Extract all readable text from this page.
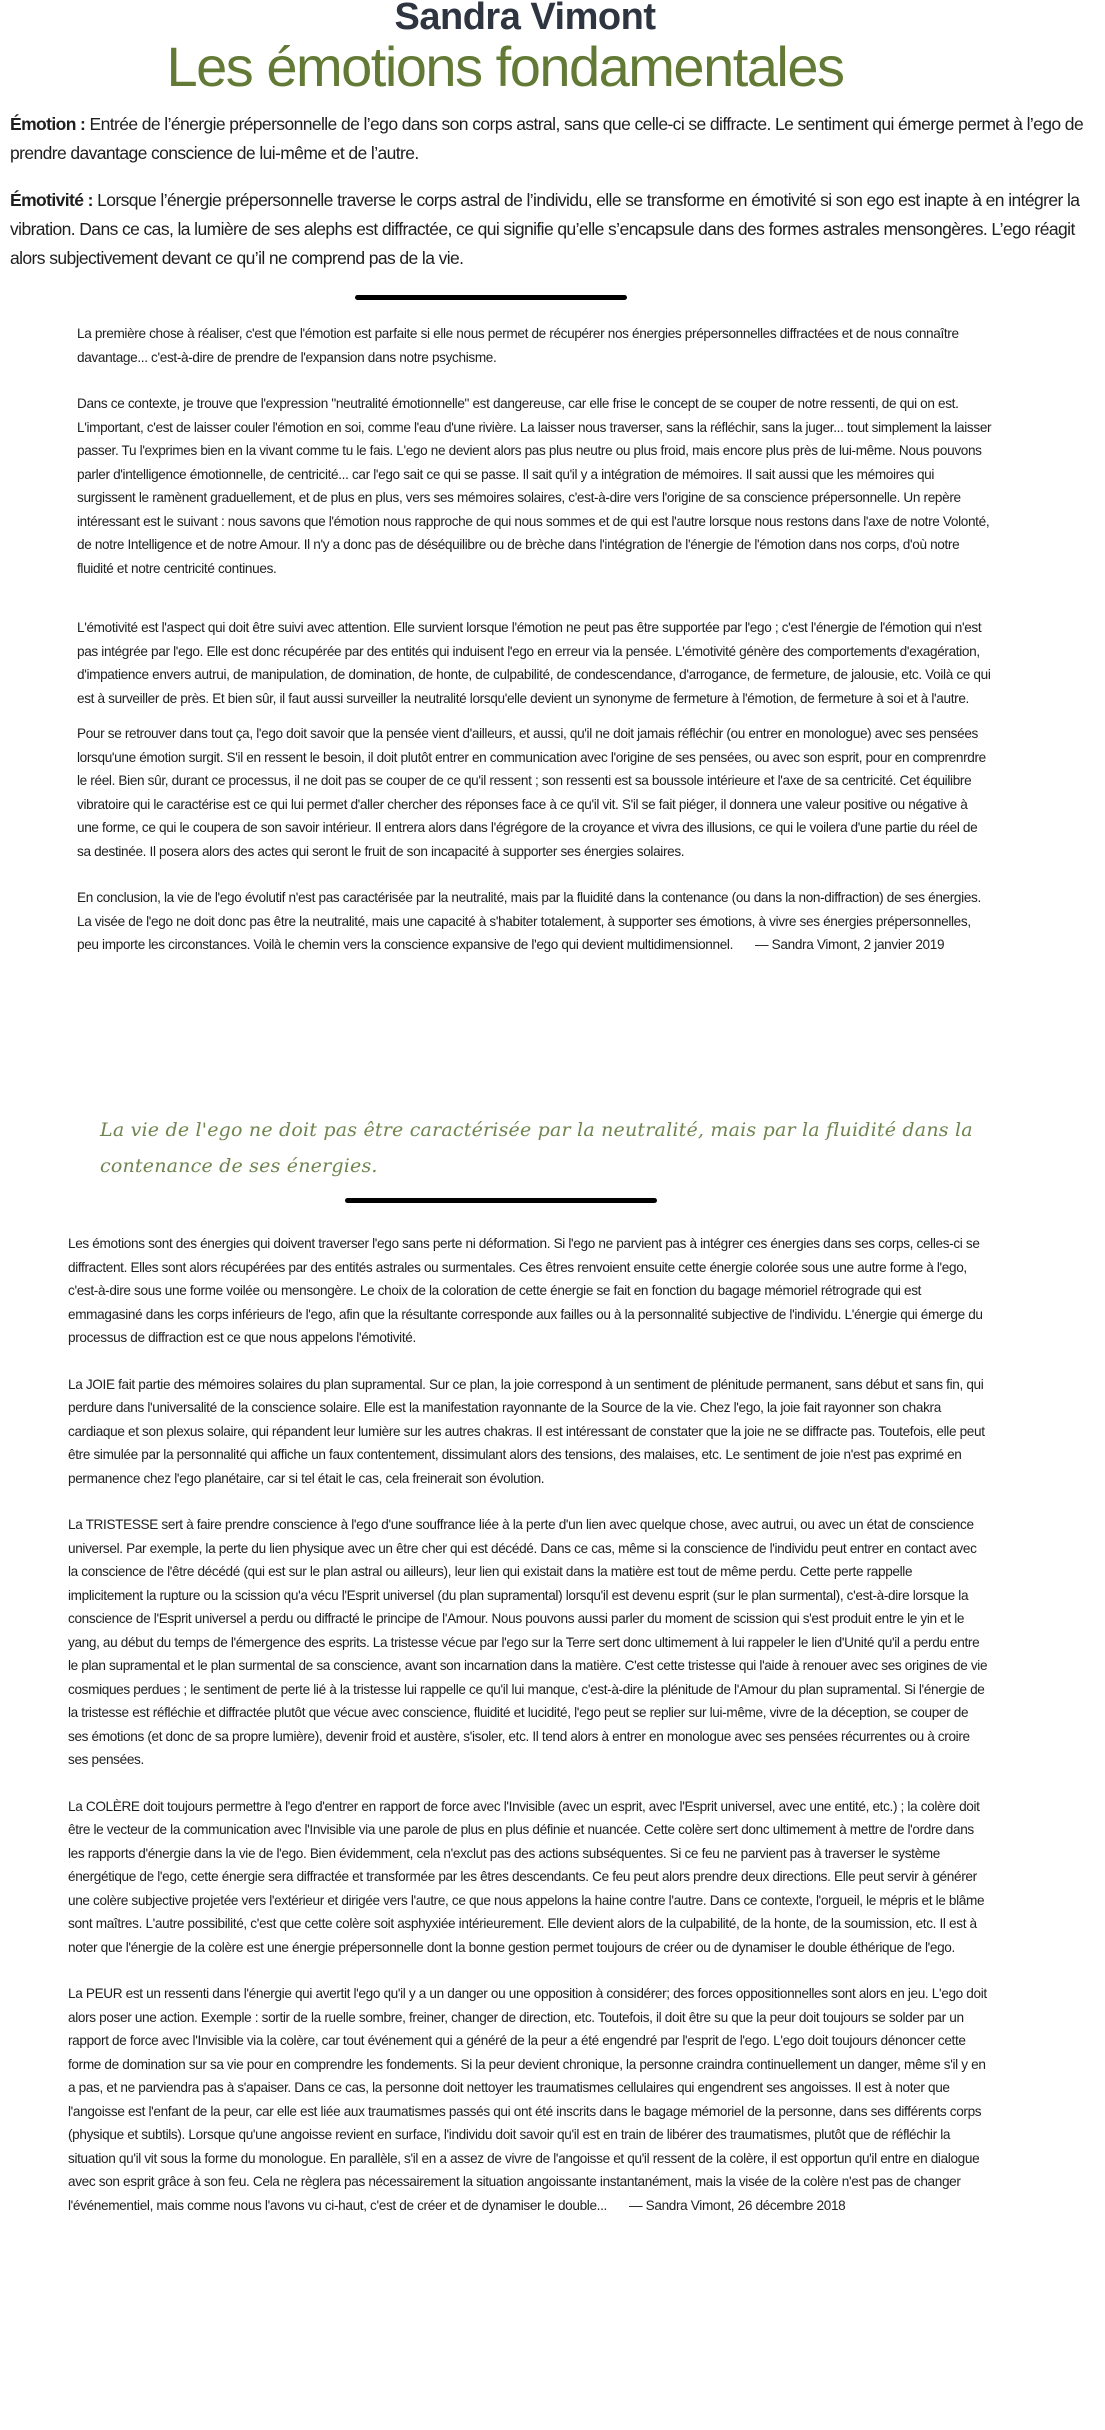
Sandra Vimont
Les émotions fondamentales

Émotion : Entrée de l’énergie prépersonnelle de l’ego dans son corps astral, sans que celle-ci se diffracte. Le sentiment qui émerge permet à l’ego de prendre davantage conscience de lui-même et de l’autre.

Émotivité : Lorsque l’énergie prépersonnelle traverse le corps astral de l’individu, elle se transforme en émotivité si son ego est inapte à en intégrer la vibration. Dans ce cas, la lumière de ses alephs est diffractée, ce qui signifie qu’elle s’encapsule dans des formes astrales mensongères. L’ego réagit alors subjectivement devant ce qu’il ne comprend pas de la vie.

La première chose à réaliser, c'est que l'émotion est parfaite si elle nous permet de récupérer nos énergies prépersonnelles diffractées et de nous connaître davantage... c'est-à-dire de prendre de l'expansion dans notre psychisme.

Dans ce contexte, je trouve que l'expression "neutralité émotionnelle" est dangereuse, car elle frise le concept de se couper de notre ressenti, de qui on est. L'important, c'est de laisser couler l'émotion en soi, comme l'eau d'une rivière. La laisser nous traverser, sans la réfléchir, sans la juger... tout simplement la laisser passer. Tu l'exprimes bien en la vivant comme tu le fais. L'ego ne devient alors pas plus neutre ou plus froid, mais encore plus près de lui-même. Nous pouvons parler d'intelligence émotionnelle, de centricité... car l'ego sait ce qui se passe. Il sait qu'il y a intégration de mémoires. Il sait aussi que les mémoires qui surgissent le ramènent graduellement, et de plus en plus, vers ses mémoires solaires, c'est-à-dire vers l'origine de sa conscience prépersonnelle. Un repère intéressant est le suivant : nous savons que l'émotion nous rapproche de qui nous sommes et de qui est l'autre lorsque nous restons dans l'axe de notre Volonté, de notre Intelligence et de notre Amour. Il n'y a donc pas de déséquilibre ou de brèche dans l'intégration de l'énergie de l'émotion dans nos corps, d'où notre fluidité et notre centricité continues.

L'émotivité est l'aspect qui doit être suivi avec attention. Elle survient lorsque l'émotion ne peut pas être supportée par l'ego ; c'est l'énergie de l'émotion qui n'est pas intégrée par l'ego. Elle est donc récupérée par des entités qui induisent l'ego en erreur via la pensée. L'émotivité génère des comportements d'exagération, d'impatience envers autrui, de manipulation, de domination, de honte, de culpabilité, de condescendance, d'arrogance, de fermeture, de jalousie, etc. Voilà ce qui est à surveiller de près. Et bien sûr, il faut aussi surveiller la neutralité lorsqu'elle devient un synonyme de fermeture à l'émotion, de fermeture à soi et à l'autre.

Pour se retrouver dans tout ça, l'ego doit savoir que la pensée vient d'ailleurs, et aussi, qu'il ne doit jamais réfléchir (ou entrer en monologue) avec ses pensées lorsqu'une émotion surgit. S'il en ressent le besoin, il doit plutôt entrer en communication avec l'origine de ses pensées, ou avec son esprit, pour en comprenrdre le réel. Bien sûr, durant ce processus, il ne doit pas se couper de ce qu'il ressent ; son ressenti est sa boussole intérieure et l'axe de sa centricité. Cet équilibre vibratoire qui le caractérise est ce qui lui permet d'aller chercher des réponses face à ce qu'il vit. S'il se fait piéger, il donnera une valeur positive ou négative à une forme, ce qui le coupera de son savoir intérieur. Il entrera alors dans l'égrégore de la croyance et vivra des illusions, ce qui le voilera d'une partie du réel de sa destinée. Il posera alors des actes qui seront le fruit de son incapacité à supporter ses énergies solaires.

En conclusion, la vie de l'ego évolutif n'est pas caractérisée par la neutralité, mais par la fluidité dans la contenance (ou dans la non-diffraction) de ses énergies. La visée de l'ego ne doit donc pas être la neutralité, mais une capacité à s'habiter totalement, à supporter ses émotions, à vivre ses énergies prépersonnelles, peu importe les circonstances. Voilà le chemin vers la conscience expansive de l'ego qui devient multidimensionnel. — Sandra Vimont, 2 janvier 2019

La vie de l'ego ne doit pas être caractérisée par la neutralité, mais par la fluidité dans la contenance de ses énergies.

Les émotions sont des énergies qui doivent traverser l'ego sans perte ni déformation. Si l'ego ne parvient pas à intégrer ces énergies dans ses corps, celles-ci se diffractent. Elles sont alors récupérées par des entités astrales ou surmentales. Ces êtres renvoient ensuite cette énergie colorée sous une autre forme à l'ego, c'est-à-dire sous une forme voilée ou mensongère. Le choix de la coloration de cette énergie se fait en fonction du bagage mémoriel rétrograde qui est emmagasiné dans les corps inférieurs de l'ego, afin que la résultante corresponde aux failles ou à la personnalité subjective de l'individu. L'énergie qui émerge du processus de diffraction est ce que nous appelons l'émotivité.

La JOIE fait partie des mémoires solaires du plan supramental. Sur ce plan, la joie correspond à un sentiment de plénitude permanent, sans début et sans fin, qui perdure dans l'universalité de la conscience solaire. Elle est la manifestation rayonnante de la Source de la vie. Chez l'ego, la joie fait rayonner son chakra cardiaque et son plexus solaire, qui répandent leur lumière sur les autres chakras. Il est intéressant de constater que la joie ne se diffracte pas. Toutefois, elle peut être simulée par la personnalité qui affiche un faux contentement, dissimulant alors des tensions, des malaises, etc. Le sentiment de joie n'est pas exprimé en permanence chez l'ego planétaire, car si tel était le cas, cela freinerait son évolution.

La TRISTESSE sert à faire prendre conscience à l'ego d'une souffrance liée à la perte d'un lien avec quelque chose, avec autrui, ou avec un état de conscience universel. Par exemple, la perte du lien physique avec un être cher qui est décédé. Dans ce cas, même si la conscience de l'individu peut entrer en contact avec la conscience de l'être décédé (qui est sur le plan astral ou ailleurs), leur lien qui existait dans la matière est tout de même perdu. Cette perte rappelle implicitement la rupture ou la scission qu'a vécu l'Esprit universel (du plan supramental) lorsqu'il est devenu esprit (sur le plan surmental), c'est-à-dire lorsque la conscience de l'Esprit universel a perdu ou diffracté le principe de l'Amour. Nous pouvons aussi parler du moment de scission qui s'est produit entre le yin et le yang, au début du temps de l'émergence des esprits. La tristesse vécue par l'ego sur la Terre sert donc ultimement à lui rappeler le lien d'Unité qu'il a perdu entre le plan supramental et le plan surmental de sa conscience, avant son incarnation dans la matière. C'est cette tristesse qui l'aide à renouer avec ses origines de vie cosmiques perdues ; le sentiment de perte lié à la tristesse lui rappelle ce qu'il lui manque, c'est-à-dire la plénitude de l'Amour du plan supramental. Si l'énergie de la tristesse est réfléchie et diffractée plutôt que vécue avec conscience, fluidité et lucidité, l'ego peut se replier sur lui-même, vivre de la déception, se couper de ses émotions (et donc de sa propre lumière), devenir froid et austère, s'isoler, etc. Il tend alors à entrer en monologue avec ses pensées récurrentes ou à croire ses pensées.

La COLÈRE doit toujours permettre à l'ego d'entrer en rapport de force avec l'Invisible (avec un esprit, avec l'Esprit universel, avec une entité, etc.) ; la colère doit être le vecteur de la communication avec l'Invisible via une parole de plus en plus définie et nuancée. Cette colère sert donc ultimement à mettre de l'ordre dans les rapports d'énergie dans la vie de l'ego. Bien évidemment, cela n'exclut pas des actions subséquentes. Si ce feu ne parvient pas à traverser le système énergétique de l'ego, cette énergie sera diffractée et transformée par les êtres descendants. Ce feu peut alors prendre deux directions. Elle peut servir à générer une colère subjective projetée vers l'extérieur et dirigée vers l'autre, ce que nous appelons la haine contre l'autre. Dans ce contexte, l'orgueil, le mépris et le blâme sont maîtres. L'autre possibilité, c'est que cette colère soit asphyxiée intérieurement. Elle devient alors de la culpabilité, de la honte, de la soumission, etc. Il est à noter que l'énergie de la colère est une énergie prépersonnelle dont la bonne gestion permet toujours de créer ou de dynamiser le double éthérique de l'ego.

La PEUR est un ressenti dans l'énergie qui avertit l'ego qu'il y a un danger ou une opposition à considérer; des forces oppositionnelles sont alors en jeu. L'ego doit alors poser une action. Exemple : sortir de la ruelle sombre, freiner, changer de direction, etc. Toutefois, il doit être su que la peur doit toujours se solder par un rapport de force avec l'Invisible via la colère, car tout événement qui a généré de la peur a été engendré par l'esprit de l'ego. L'ego doit toujours dénoncer cette forme de domination sur sa vie pour en comprendre les fondements. Si la peur devient chronique, la personne craindra continuellement un danger, même s'il y en a pas, et ne parviendra pas à s'apaiser. Dans ce cas, la personne doit nettoyer les traumatismes cellulaires qui engendrent ses angoisses. Il est à noter que l'angoisse est l'enfant de la peur, car elle est liée aux traumatismes passés qui ont été inscrits dans le bagage mémoriel de la personne, dans ses différents corps (physique et subtils). Lorsque qu'une angoisse revient en surface, l'individu doit savoir qu'il est en train de libérer des traumatismes, plutôt que de réfléchir la situation qu'il vit sous la forme du monologue. En parallèle, s'il en a assez de vivre de l'angoisse et qu'il ressent de la colère, il est opportun qu'il entre en dialogue avec son esprit grâce à son feu. Cela ne règlera pas nécessairement la situation angoissante instantanément, mais la visée de la colère n'est pas de changer l'événementiel, mais comme nous l'avons vu ci-haut, c'est de créer et de dynamiser le double... — Sandra Vimont, 26 décembre 2018
